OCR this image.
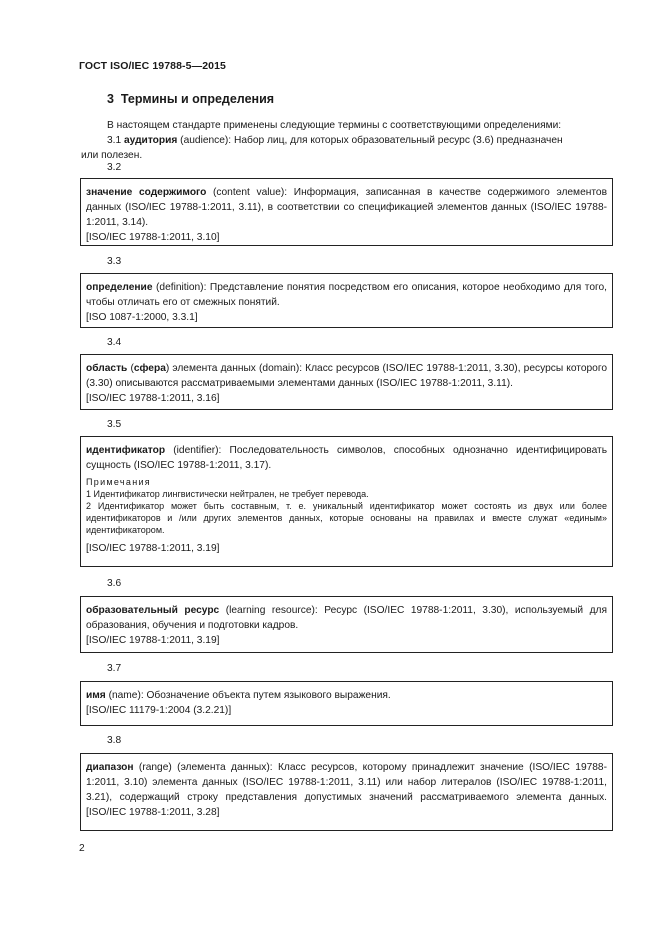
ГОСТ ISO/IEC 19788-5—2015
3 Термины и определения

В настоящем стандарте применены следующие термины с соответствующими определениями:

3.1 аудитория (audience): Набор лиц, для которых образовательный ресурс (3.6) предназначен

или полезен.

3.2

значение содержимого (content value): Информация, записанная в качестве содержимого элементов данных (ISO/IEC 19788-1:2011, 3.11), в соответствии со спецификацией элементов данных (ISO/IEC 19788-1:2011, 3.14).

[ISO/IEC 19788-1:2011, 3.10]

3.3

определение (definition): Представление понятия посредством его описания, которое необходимо для того, чтобы отличать его от смежных понятий.

[ISO 1087-1:2000, 3.3.1]

3.4

область (сфера) элемента данных (domain): Класс ресурсов (ISO/IEC 19788-1:2011, 3.30), ресурсы которого (3.30) описываются рассматриваемыми элементами данных (ISO/IEC 19788-1:2011, 3.11).

[ISO/IEC 19788-1:2011, 3.16]

3.5

идентификатор (identifier): Последовательность символов, способных однозначно идентифицировать сущность (ISO/IEC 19788-1:2011, 3.17).

Примечания

1 Идентификатор лингвистически нейтрален, не требует перевода.

2 Идентификатор может быть составным, т. е. уникальный идентификатор может состоять из двух или более идентификаторов и /или других элементов данных, которые основаны на правилах и вместе служат «единым» идентификатором.

[ISO/IEC 19788-1:2011, 3.19]

3.6

образовательный ресурс (learning resource): Ресурс (ISO/IEC 19788-1:2011, 3.30), используемый для образования, обучения и подготовки кадров.

[ISO/IEC 19788-1:2011, 3.19]

3.7

имя (name): Обозначение объекта путем языкового выражения.

[ISO/IEC 11179-1:2004 (3.2.21)]

3.8

диапазон (range) (элемента данных): Класс ресурсов, которому принадлежит значение (ISO/IEC 19788-1:2011, 3.10) элемента данных (ISO/IEC 19788-1:2011, 3.11) или набор литералов (ISO/IEC 19788-1:2011, 3.21), содержащий строку представления допустимых значений рассматриваемого элемента данных. [ISO/IEC 19788-1:2011, 3.28]

2
